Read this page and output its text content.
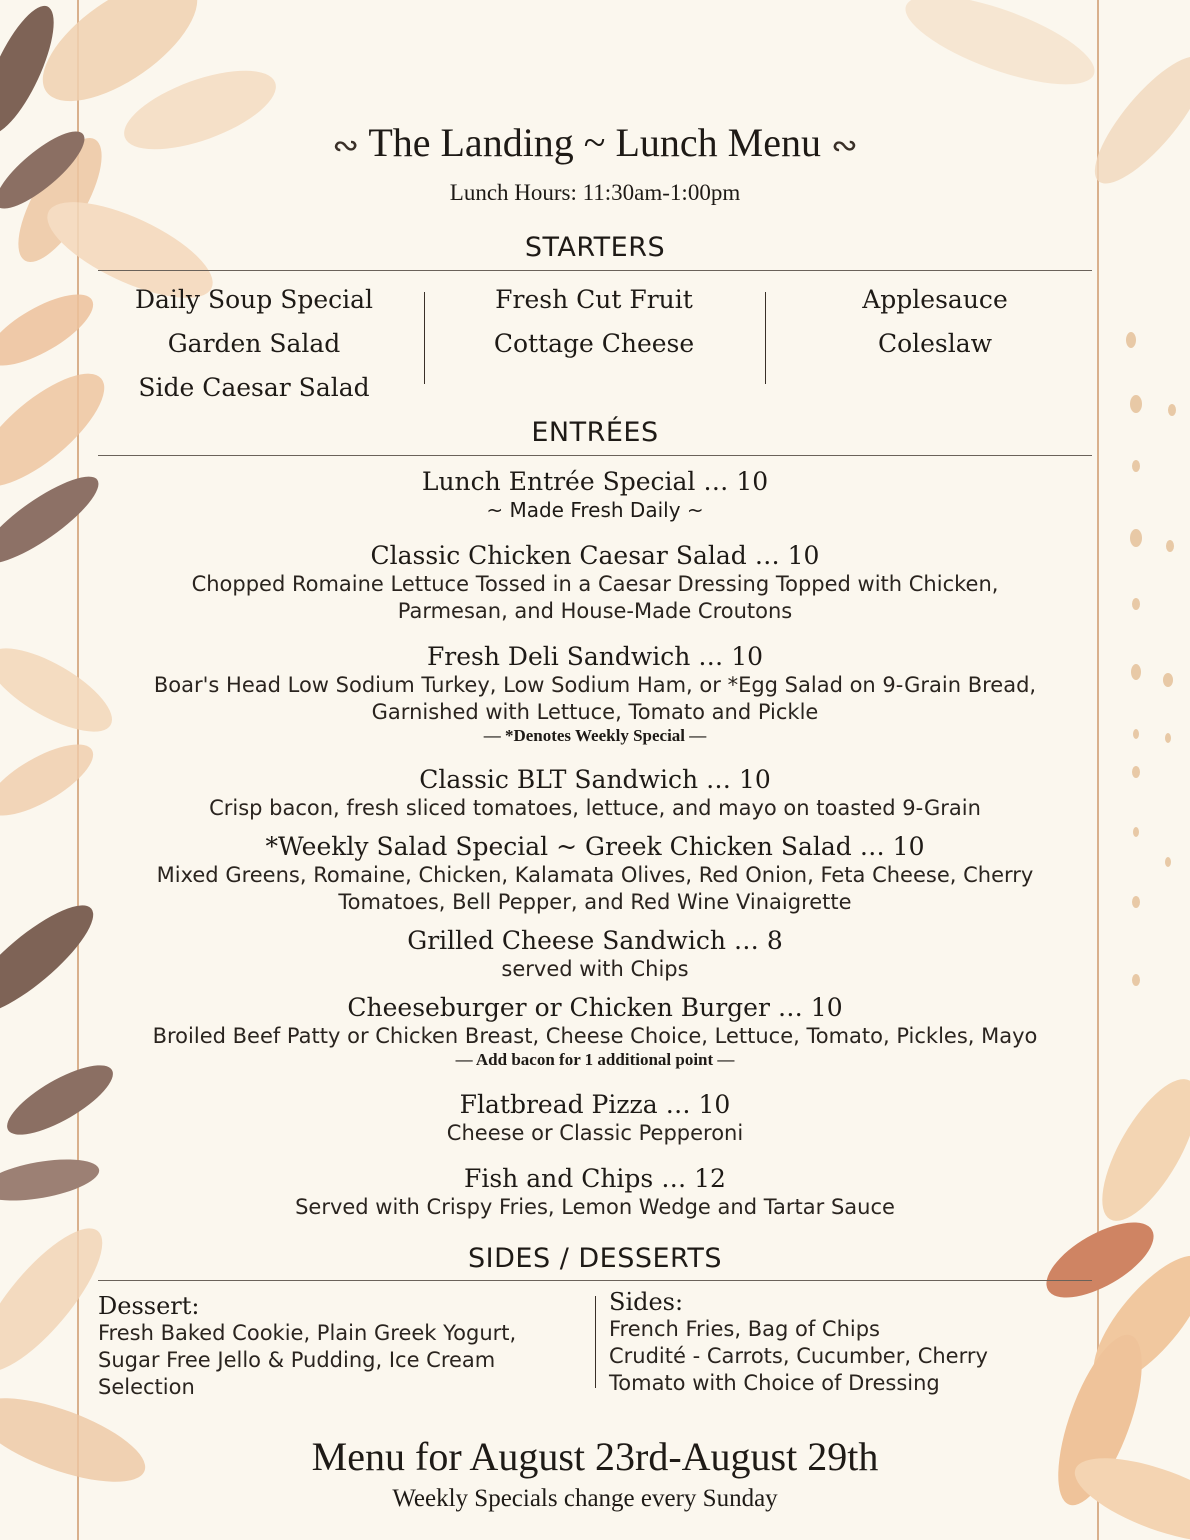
∾ The Landing ~ Lunch Menu ∾
Lunch Hours: 11:30am-1:00pm
STARTERS
Daily Soup Special
Garden Salad
Side Caesar Salad
Fresh Cut Fruit
Cottage Cheese
Applesauce
Coleslaw
ENTRÉES
Lunch Entrée Special … 10
~ Made Fresh Daily ~
Classic Chicken Caesar Salad … 10
Chopped Romaine Lettuce Tossed in a Caesar Dressing Topped with Chicken,
Parmesan, and House-Made Croutons
Fresh Deli Sandwich … 10
Boar's Head Low Sodium Turkey, Low Sodium Ham, or *Egg Salad on 9-Grain Bread,
Garnished with Lettuce, Tomato and Pickle
— *Denotes Weekly Special —
Classic BLT Sandwich … 10
Crisp bacon, fresh sliced tomatoes, lettuce, and mayo on toasted 9-Grain
*Weekly Salad Special ~ Greek Chicken Salad … 10
Mixed Greens, Romaine, Chicken, Kalamata Olives, Red Onion, Feta Cheese, Cherry
Tomatoes, Bell Pepper, and Red Wine Vinaigrette
Grilled Cheese Sandwich … 8
served with Chips
Cheeseburger or Chicken Burger … 10
Broiled Beef Patty or Chicken Breast, Cheese Choice, Lettuce, Tomato, Pickles, Mayo
— Add bacon for 1 additional point —
Flatbread Pizza … 10
Cheese or Classic Pepperoni
Fish and Chips … 12
Served with Crispy Fries, Lemon Wedge and Tartar Sauce
SIDES / DESSERTS
Dessert:
Fresh Baked Cookie, Plain Greek Yogurt,
Sugar Free Jello & Pudding, Ice Cream
Selection
Sides:
French Fries, Bag of Chips
Crudité - Carrots, Cucumber, Cherry
Tomato with Choice of Dressing
Menu for August 23rd-August 29th
Weekly Specials change every Sunday
